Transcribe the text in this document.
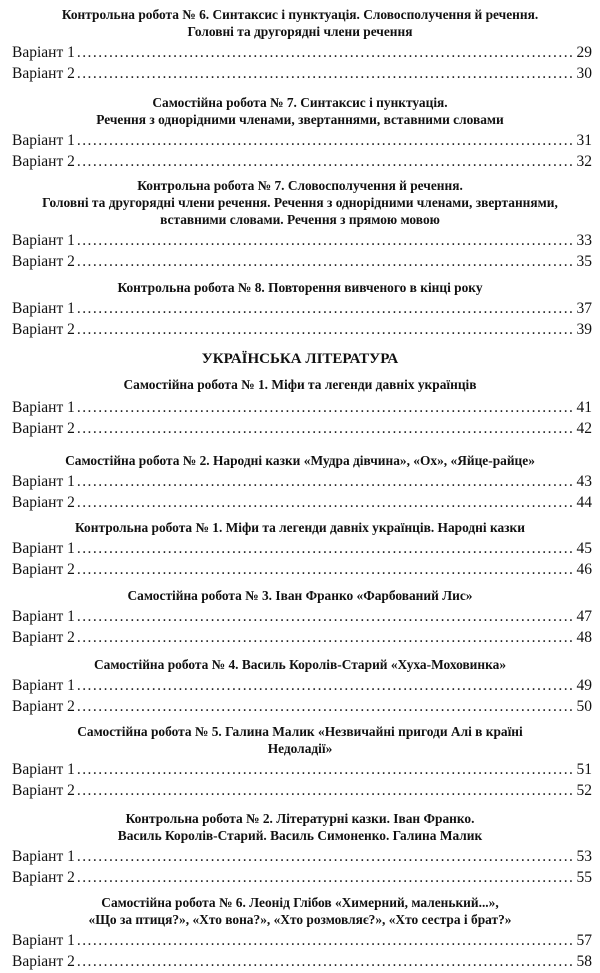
Контрольна робота № 6. Синтаксис і пунктуація. Словосполучення й речення.
Головні та другорядні члени речення
Варіант 1 . . .	29
Варіант 2 . . .	30
Самостійна робота № 7. Синтаксис і пунктуація.
Речення з однорідними членами, звертаннями, вставними словами
Варіант 1 . . .	31
Варіант 2 . . .	32
Контрольна робота № 7. Словосполучення й речення.
Головні та другорядні члени речення. Речення з однорідними членами, звертаннями,
вставними словами. Речення з прямою мовою
Варіант 1 . . .	33
Варіант 2 . . .	35
Контрольна робота № 8. Повторення вивченого в кінці року
Варіант 1 . . .	37
Варіант 2 . . .	39
УКРАЇНСЬКА ЛІТЕРАТУРА
Самостійна робота № 1. Міфи та легенди давніх українців
Варіант 1 . . .	41
Варіант 2 . . .	42
Самостійна робота № 2. Народні казки «Мудра дівчина», «Ох», «Яйце-райце»
Варіант 1 . . .	43
Варіант 2 . . .	44
Контрольна робота № 1. Міфи та легенди давніх українців. Народні казки
Варіант 1 . . .	45
Варіант 2 . . .	46
Самостійна робота № 3. Іван Франко «Фарбований Лис»
Варіант 1 . . .	47
Варіант 2 . . .	48
Самостійна робота № 4. Василь Королів-Старий «Хуха-Моховинка»
Варіант 1 . . .	49
Варіант 2 . . .	50
Самостійна робота № 5. Галина Малик «Незвичайні пригоди Алі в країні
Недоладії»
Варіант 1 . . .	51
Варіант 2 . . .	52
Контрольна робота № 2. Літературні казки. Іван Франко.
Василь Королів-Старий. Василь Симоненко. Галина Малик
Варіант 1 . . .	53
Варіант 2 . . .	55
Самостійна робота № 6. Леонід Глібов «Химерний, маленький...»,
«Що за птиця?», «Хто вона?», «Хто розмовляє?», «Хто сестра і брат?»
Варіант 1 . . .	57
Варіант 2 . . .	58
